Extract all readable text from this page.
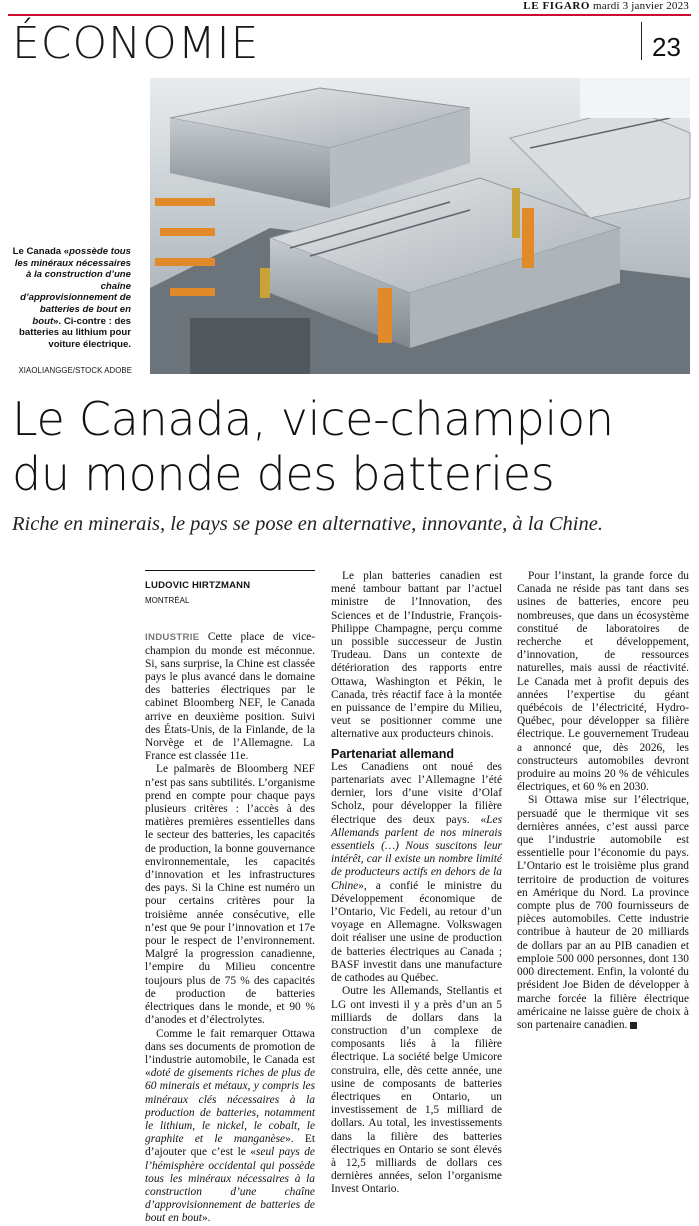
LE FIGARO mardi 3 janvier 2023
ÉCONOMIE	23
Le Canada «possède tous les minéraux nécessaires à la construction d’une chaîne d’approvisionnement de batteries de bout en bout». Ci-contre : des batteries au lithium pour voiture électrique.
XIAOLIANGGE/STOCK ADOBE
Le Canada, vice-champion
du monde des batteries
Riche en minerais, le pays se pose en alternative, innovante, à la Chine.
LUDOVIC HIRTZMANN
MONTRÉAL

INDUSTRIE Cette place de vice-champion du monde est méconnue. Si, sans surprise, la Chine est classée pays le plus avancé dans le domaine des batteries électriques par le cabinet Bloomberg NEF, le Canada arrive en deuxième position. Suivi des États-Unis, de la Finlande, de la Norvège et de l’Allemagne. La France est classée 11e.

Le palmarès de Bloomberg NEF n’est pas sans subtilités. L’organisme prend en compte pour chaque pays plusieurs critères : l’accès à des matières premières essentielles dans le secteur des batteries, les capacités de production, la bonne gouvernance environnementale, les capacités d’innovation et les infrastructures des pays. Si la Chine est numéro un pour certains critères pour la troisième année consécutive, elle n’est que 9e pour l’innovation et 17e pour le respect de l’environnement. Malgré la progression canadienne, l’empire du Milieu concentre toujours plus de 75 % des capacités de production de batteries électriques dans le monde, et 90 % d’anodes et d’électrolytes.

Comme le fait remarquer Ottawa dans ses documents de promotion de l’industrie automobile, le Canada est «doté de gisements riches de plus de 60 minerais et métaux, y compris les minéraux clés nécessaires à la production de batteries, notamment le lithium, le nickel, le cobalt, le graphite et le manganèse». Et d’ajouter que c’est le «seul pays de l’hémisphère occidental qui possède tous les minéraux nécessaires à la construction d’une chaîne d’approvisionnement de batteries de bout en bout».

Le plan batteries canadien est mené tambour battant par l’actuel ministre de l’Innovation, des Sciences et de l’Industrie, François-Philippe Champagne, perçu comme un possible successeur de Justin Trudeau. Dans un contexte de détérioration des rapports entre Ottawa, Washington et Pékin, le Canada, très réactif face à la montée en puissance de l’empire du Milieu, veut se positionner comme une alternative aux producteurs chinois.

Partenariat allemand

Les Canadiens ont noué des partenariats avec l’Allemagne l’été dernier, lors d’une visite d’Olaf Scholz, pour développer la filière électrique des deux pays. «Les Allemands parlent de nos minerais essentiels (…) Nous suscitons leur intérêt, car il existe un nombre limité de producteurs actifs en dehors de la Chine», a confié le ministre du Développement économique de l’Ontario, Vic Fedeli, au retour d’un voyage en Allemagne. Volkswagen doit réaliser une usine de production de batteries électriques au Canada ; BASF investit dans une manufacture de cathodes au Québec.

Outre les Allemands, Stellantis et LG ont investi il y a près d’un an 5 milliards de dollars dans la construction d’un complexe de composants liés à la filière électrique. La société belge Umicore construira, elle, dès cette année, une usine de composants de batteries électriques en Ontario, un investissement de 1,5 milliard de dollars. Au total, les investissements dans la filière des batteries électriques en Ontario se sont élevés à 12,5 milliards de dollars ces dernières années, selon l’organisme Invest Ontario.

Pour l’instant, la grande force du Canada ne réside pas tant dans ses usines de batteries, encore peu nombreuses, que dans un écosystème constitué de laboratoires de recherche et développement, d’innovation, de ressources naturelles, mais aussi de réactivité. Le Canada met à profit depuis des années l’expertise du géant québécois de l’électricité, Hydro-Québec, pour développer sa filière électrique. Le gouvernement Trudeau a annoncé que, dès 2026, les constructeurs automobiles devront produire au moins 20 % de véhicules électriques, et 60 % en 2030.

Si Ottawa mise sur l’électrique, persuadé que le thermique vit ses dernières années, c’est aussi parce que l’industrie automobile est essentielle pour l’économie du pays. L’Ontario est le troisième plus grand territoire de production de voitures en Amérique du Nord. La province compte plus de 700 fournisseurs de pièces automobiles. Cette industrie contribue à hauteur de 20 milliards de dollars par an au PIB canadien et emploie 500 000 personnes, dont 130 000 directement. Enfin, la volonté du président Joe Biden de développer à marche forcée la filière électrique américaine ne laisse guère de choix à son partenaire canadien.
